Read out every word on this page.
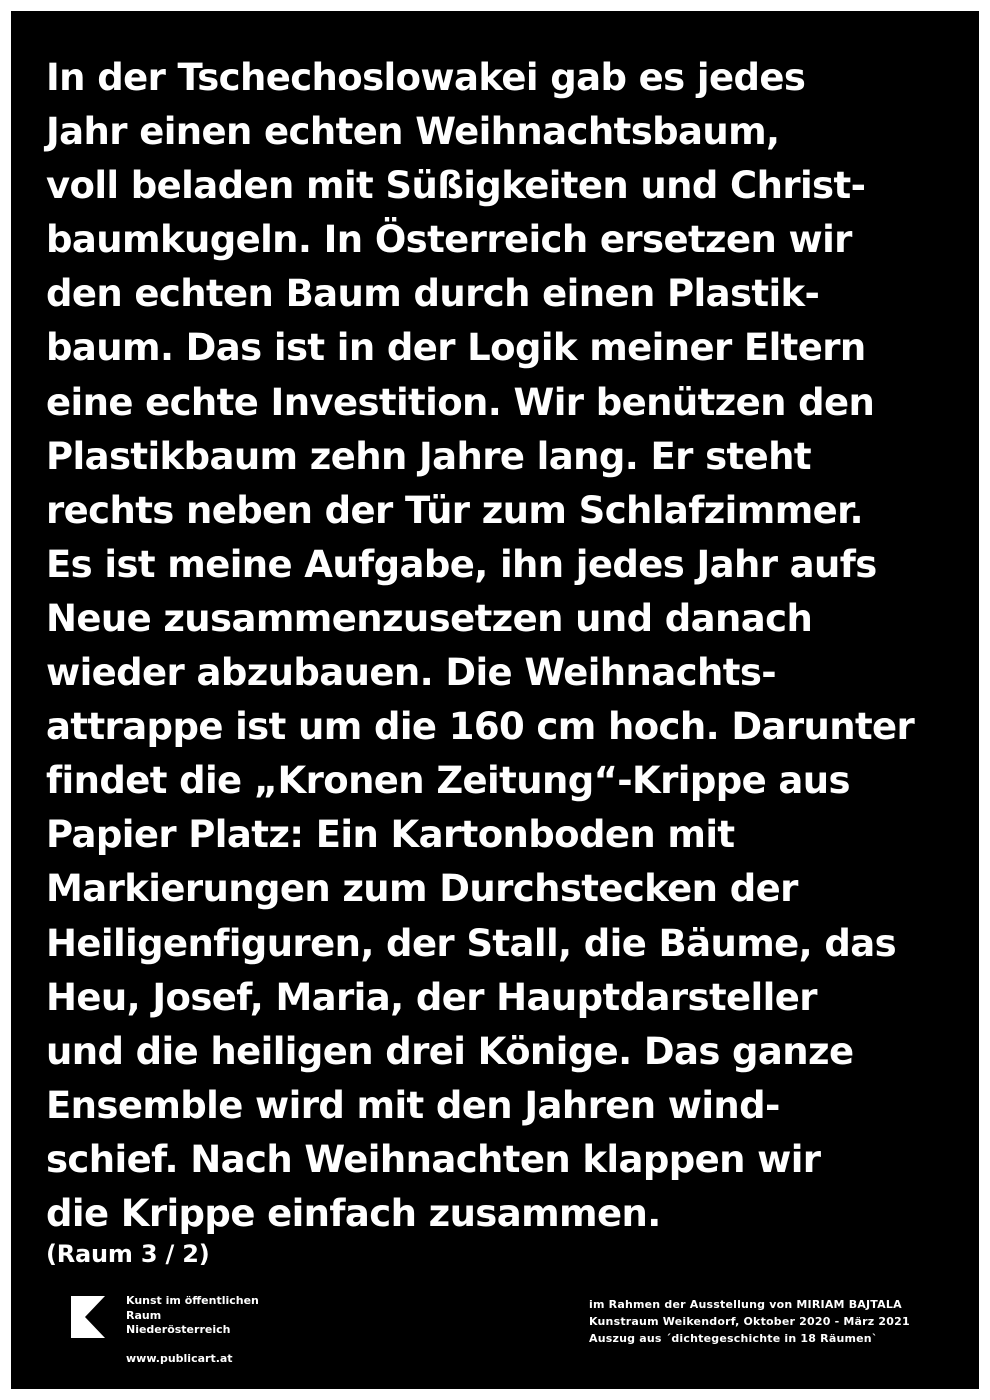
In der Tschechoslowakei gab es jedes
Jahr einen echten Weihnachtsbaum,
voll beladen mit Süßigkeiten und Christ-
baumkugeln. In Österreich ersetzen wir
den echten Baum durch einen Plastik-
baum. Das ist in der Logik meiner Eltern
eine echte Investition. Wir benützen den
Plastikbaum zehn Jahre lang. Er steht
rechts neben der Tür zum Schlafzimmer.
Es ist meine Aufgabe, ihn jedes Jahr aufs
Neue zusammenzusetzen und danach
wieder abzubauen. Die Weihnachts-
attrappe ist um die 160 cm hoch. Darunter
findet die „Kronen Zeitung“-Krippe aus
Papier Platz: Ein Kartonboden mit
Markierungen zum Durchstecken der
Heiligenfiguren, der Stall, die Bäume, das
Heu, Josef, Maria, der Hauptdarsteller
und die heiligen drei Könige. Das ganze
Ensemble wird mit den Jahren wind-
schief. Nach Weihnachten klappen wir
die Krippe einfach zusammen.
(Raum 3 / 2)
Kunst im öffentlichen
Raum
Niederösterreich
www.publicart.at
im Rahmen der Ausstellung von MIRIAM BAJTALA
Kunstraum Weikendorf, Oktober 2020 - März 2021
Auszug aus ´dichtegeschichte in 18 Räumen`
